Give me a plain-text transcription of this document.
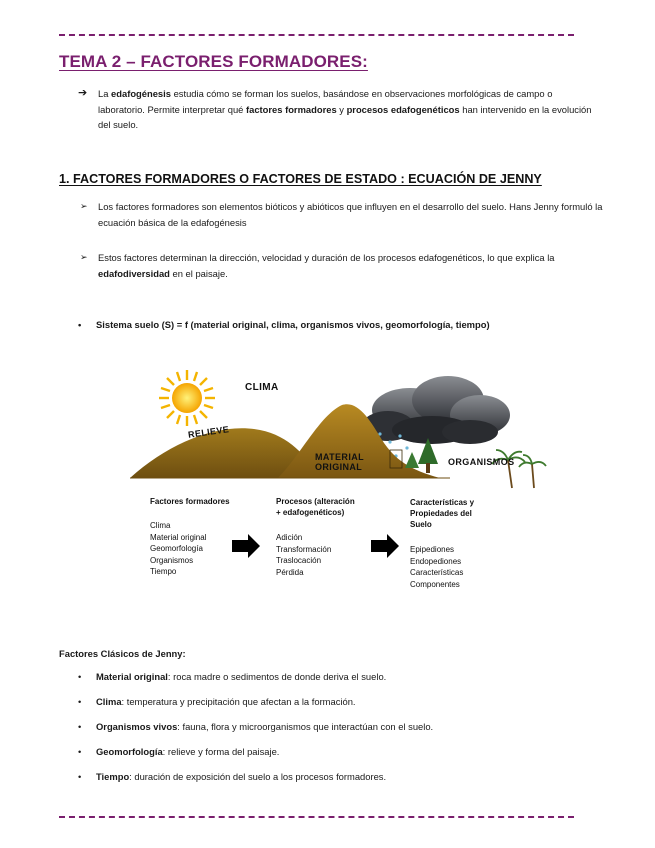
TEMA 2 – FACTORES FORMADORES:
➔ La edafogénesis estudia cómo se forman los suelos, basándose en observaciones morfológicas de campo o laboratorio. Permite interpretar qué factores formadores y procesos edafogenéticos han intervenido en la evolución del suelo.
1. FACTORES FORMADORES O FACTORES DE ESTADO : ECUACIÓN DE JENNY
➢ Los factores formadores son elementos bióticos y abióticos que influyen en el desarrollo del suelo. Hans Jenny formuló la ecuación básica de la edafogénesis
➢ Estos factores determinan la dirección, velocidad y duración de los procesos edafogenéticos, lo que explica la edafodiversidad en el paisaje.
• Sistema suelo (S) = f (material original, clima, organismos vivos, geomorfología, tiempo)
CLIMA
RELIEVE
MATERIAL
ORIGINAL	ORGANISMOS
Factores formadores
Clima
Material original
Geomorfología
Organismos
Tiempo
Procesos (alteración
+ edafogenéticos)
Adición
Transformación
Traslocación
Pérdida
Características y
Propiedades del
Suelo
Epipediones
Endopediones
Características
Componentes
Factores Clásicos de Jenny:
• Material original: roca madre o sedimentos de donde deriva el suelo.
• Clima: temperatura y precipitación que afectan a la formación.
• Organismos vivos: fauna, flora y microorganismos que interactúan con el suelo.
• Geomorfología: relieve y forma del paisaje.
• Tiempo: duración de exposición del suelo a los procesos formadores.
